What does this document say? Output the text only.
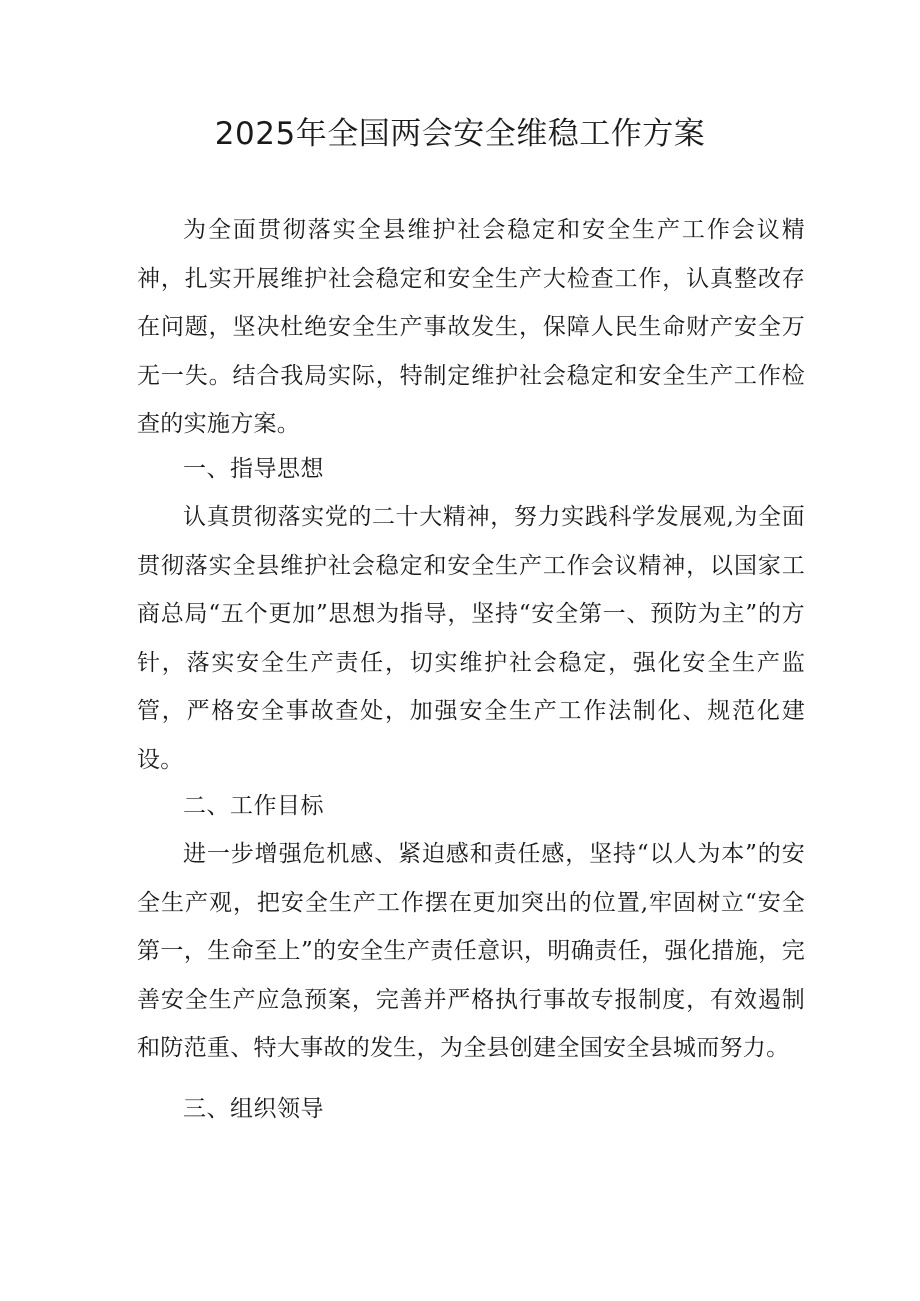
2025年全国两会安全维稳工作方案

为全面贯彻落实全县维护社会稳定和安全生产工作会议精神，扎实开展维护社会稳定和安全生产大检查工作，认真整改存在问题，坚决杜绝安全生产事故发生，保障人民生命财产安全万无一失。结合我局实际，特制定维护社会稳定和安全生产工作检查的实施方案。

一、指导思想

认真贯彻落实党的二十大精神，努力实践科学发展观,为全面贯彻落实全县维护社会稳定和安全生产工作会议精神，以国家工商总局“五个更加”思想为指导，坚持“安全第一、预防为主”的方针，落实安全生产责任，切实维护社会稳定，强化安全生产监管，严格安全事故查处，加强安全生产工作法制化、规范化建设。

二、工作目标

进一步增强危机感、紧迫感和责任感，坚持“以人为本”的安全生产观，把安全生产工作摆在更加突出的位置,牢固树立“安全第一，生命至上”的安全生产责任意识，明确责任，强化措施，完善安全生产应急预案，完善并严格执行事故专报制度，有效遏制和防范重、特大事故的发生，为全县创建全国安全县城而努力。

三、组织领导
